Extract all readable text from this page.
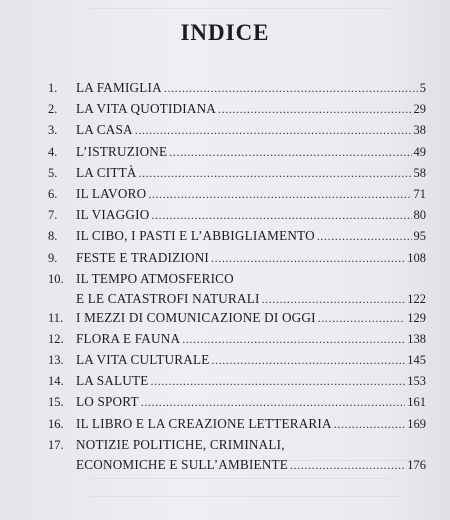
INDICE
1.	LA FAMIGLIA .....	5
2.	LA VITA QUOTIDIANA .....	29
3.	LA CASA .....	38
4.	L’ISTRUZIONE .....	49
5.	LA CITTÀ .....	58
6.	IL LAVORO .....	71
7.	IL VIAGGIO .....	80
8.	IL CIBO, I PASTI E L’ABBIGLIAMENTO .....	95
9.	FESTE E TRADIZIONI .....	108
10. IL TEMPO ATMOSFERICO
E LE CATASTROFI NATURALI .....	122
11. I MEZZI DI COMUNICAZIONE DI OGGI .....	129
12. FLORA E FAUNA .....	138
13. LA VITA CULTURALE .....	145
14. LA SALUTE .....	153
15. LO SPORT .....	161
16. IL LIBRO E LA CREAZIONE LETTERARIA .....	169
17. NOTIZIE POLITICHE, CRIMINALI,
ECONOMICHE E SULL’AMBIENTE .....	176
